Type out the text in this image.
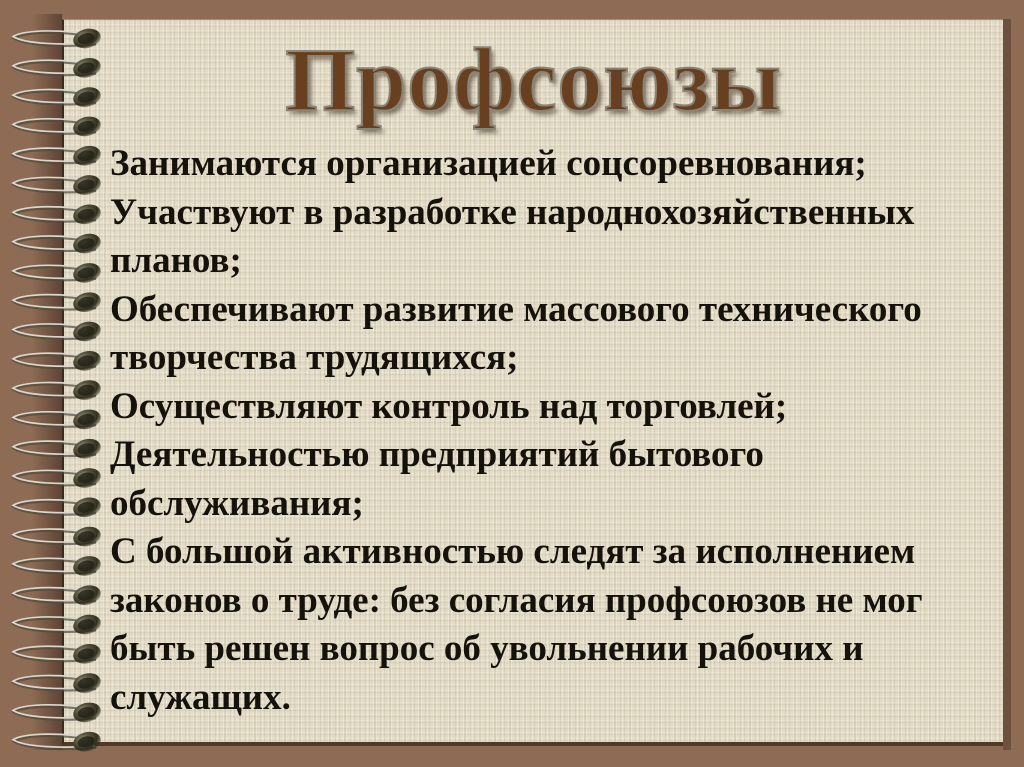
Профсоюзы
Занимаются организацией соцсоревнования;
Участвуют в разработке народнохозяйственных
планов;
Обеспечивают развитие массового технического
творчества трудящихся;
Осуществляют контроль над торговлей;
Деятельностью предприятий бытового
обслуживания;
С большой активностью следят за исполнением
законов о труде: без согласия профсоюзов не мог
быть решен вопрос об увольнении рабочих и
служащих.
